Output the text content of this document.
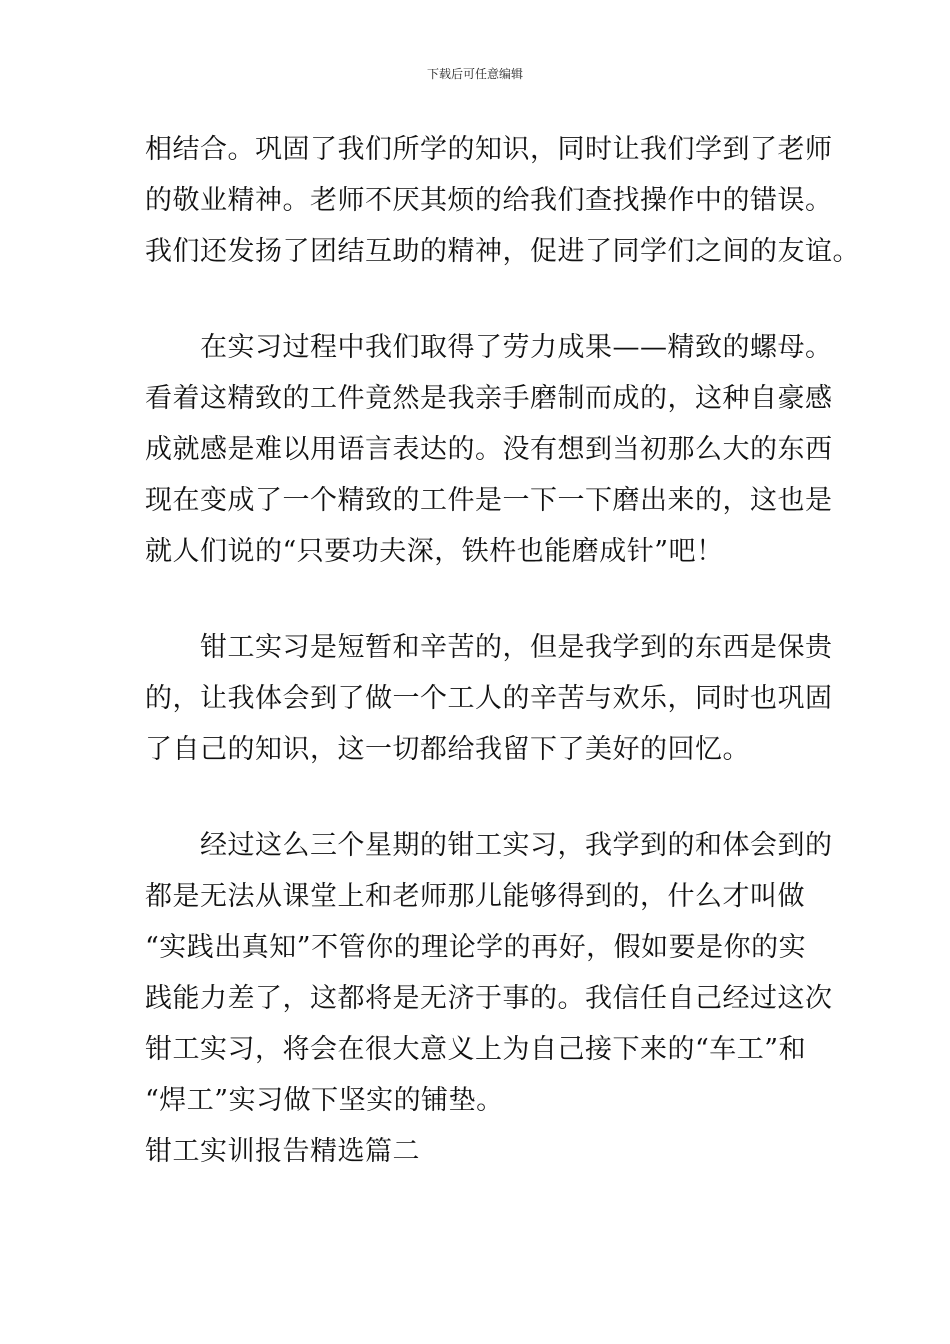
下载后可任意编辑
相结合。巩固了我们所学的知识，同时让我们学到了老师
的敬业精神。老师不厌其烦的给我们查找操作中的错误。
我们还发扬了团结互助的精神，促进了同学们之间的友谊。
　　在实习过程中我们取得了劳力成果——精致的螺母。
看着这精致的工件竟然是我亲手磨制而成的，这种自豪感
成就感是难以用语言表达的。没有想到当初那么大的东西
现在变成了一个精致的工件是一下一下磨出来的，这也是
就人们说的“只要功夫深，铁杵也能磨成针”吧！
　　钳工实习是短暂和辛苦的，但是我学到的东西是保贵
的，让我体会到了做一个工人的辛苦与欢乐，同时也巩固
了自己的知识，这一切都给我留下了美好的回忆。
　　经过这么三个星期的钳工实习，我学到的和体会到的
都是无法从课堂上和老师那儿能够得到的，什么才叫做
“实践出真知”不管你的理论学的再好，假如要是你的实
践能力差了，这都将是无济于事的。我信任自己经过这次
钳工实习，将会在很大意义上为自己接下来的“车工”和
“焊工”实习做下坚实的铺垫。
钳工实训报告精选篇二
